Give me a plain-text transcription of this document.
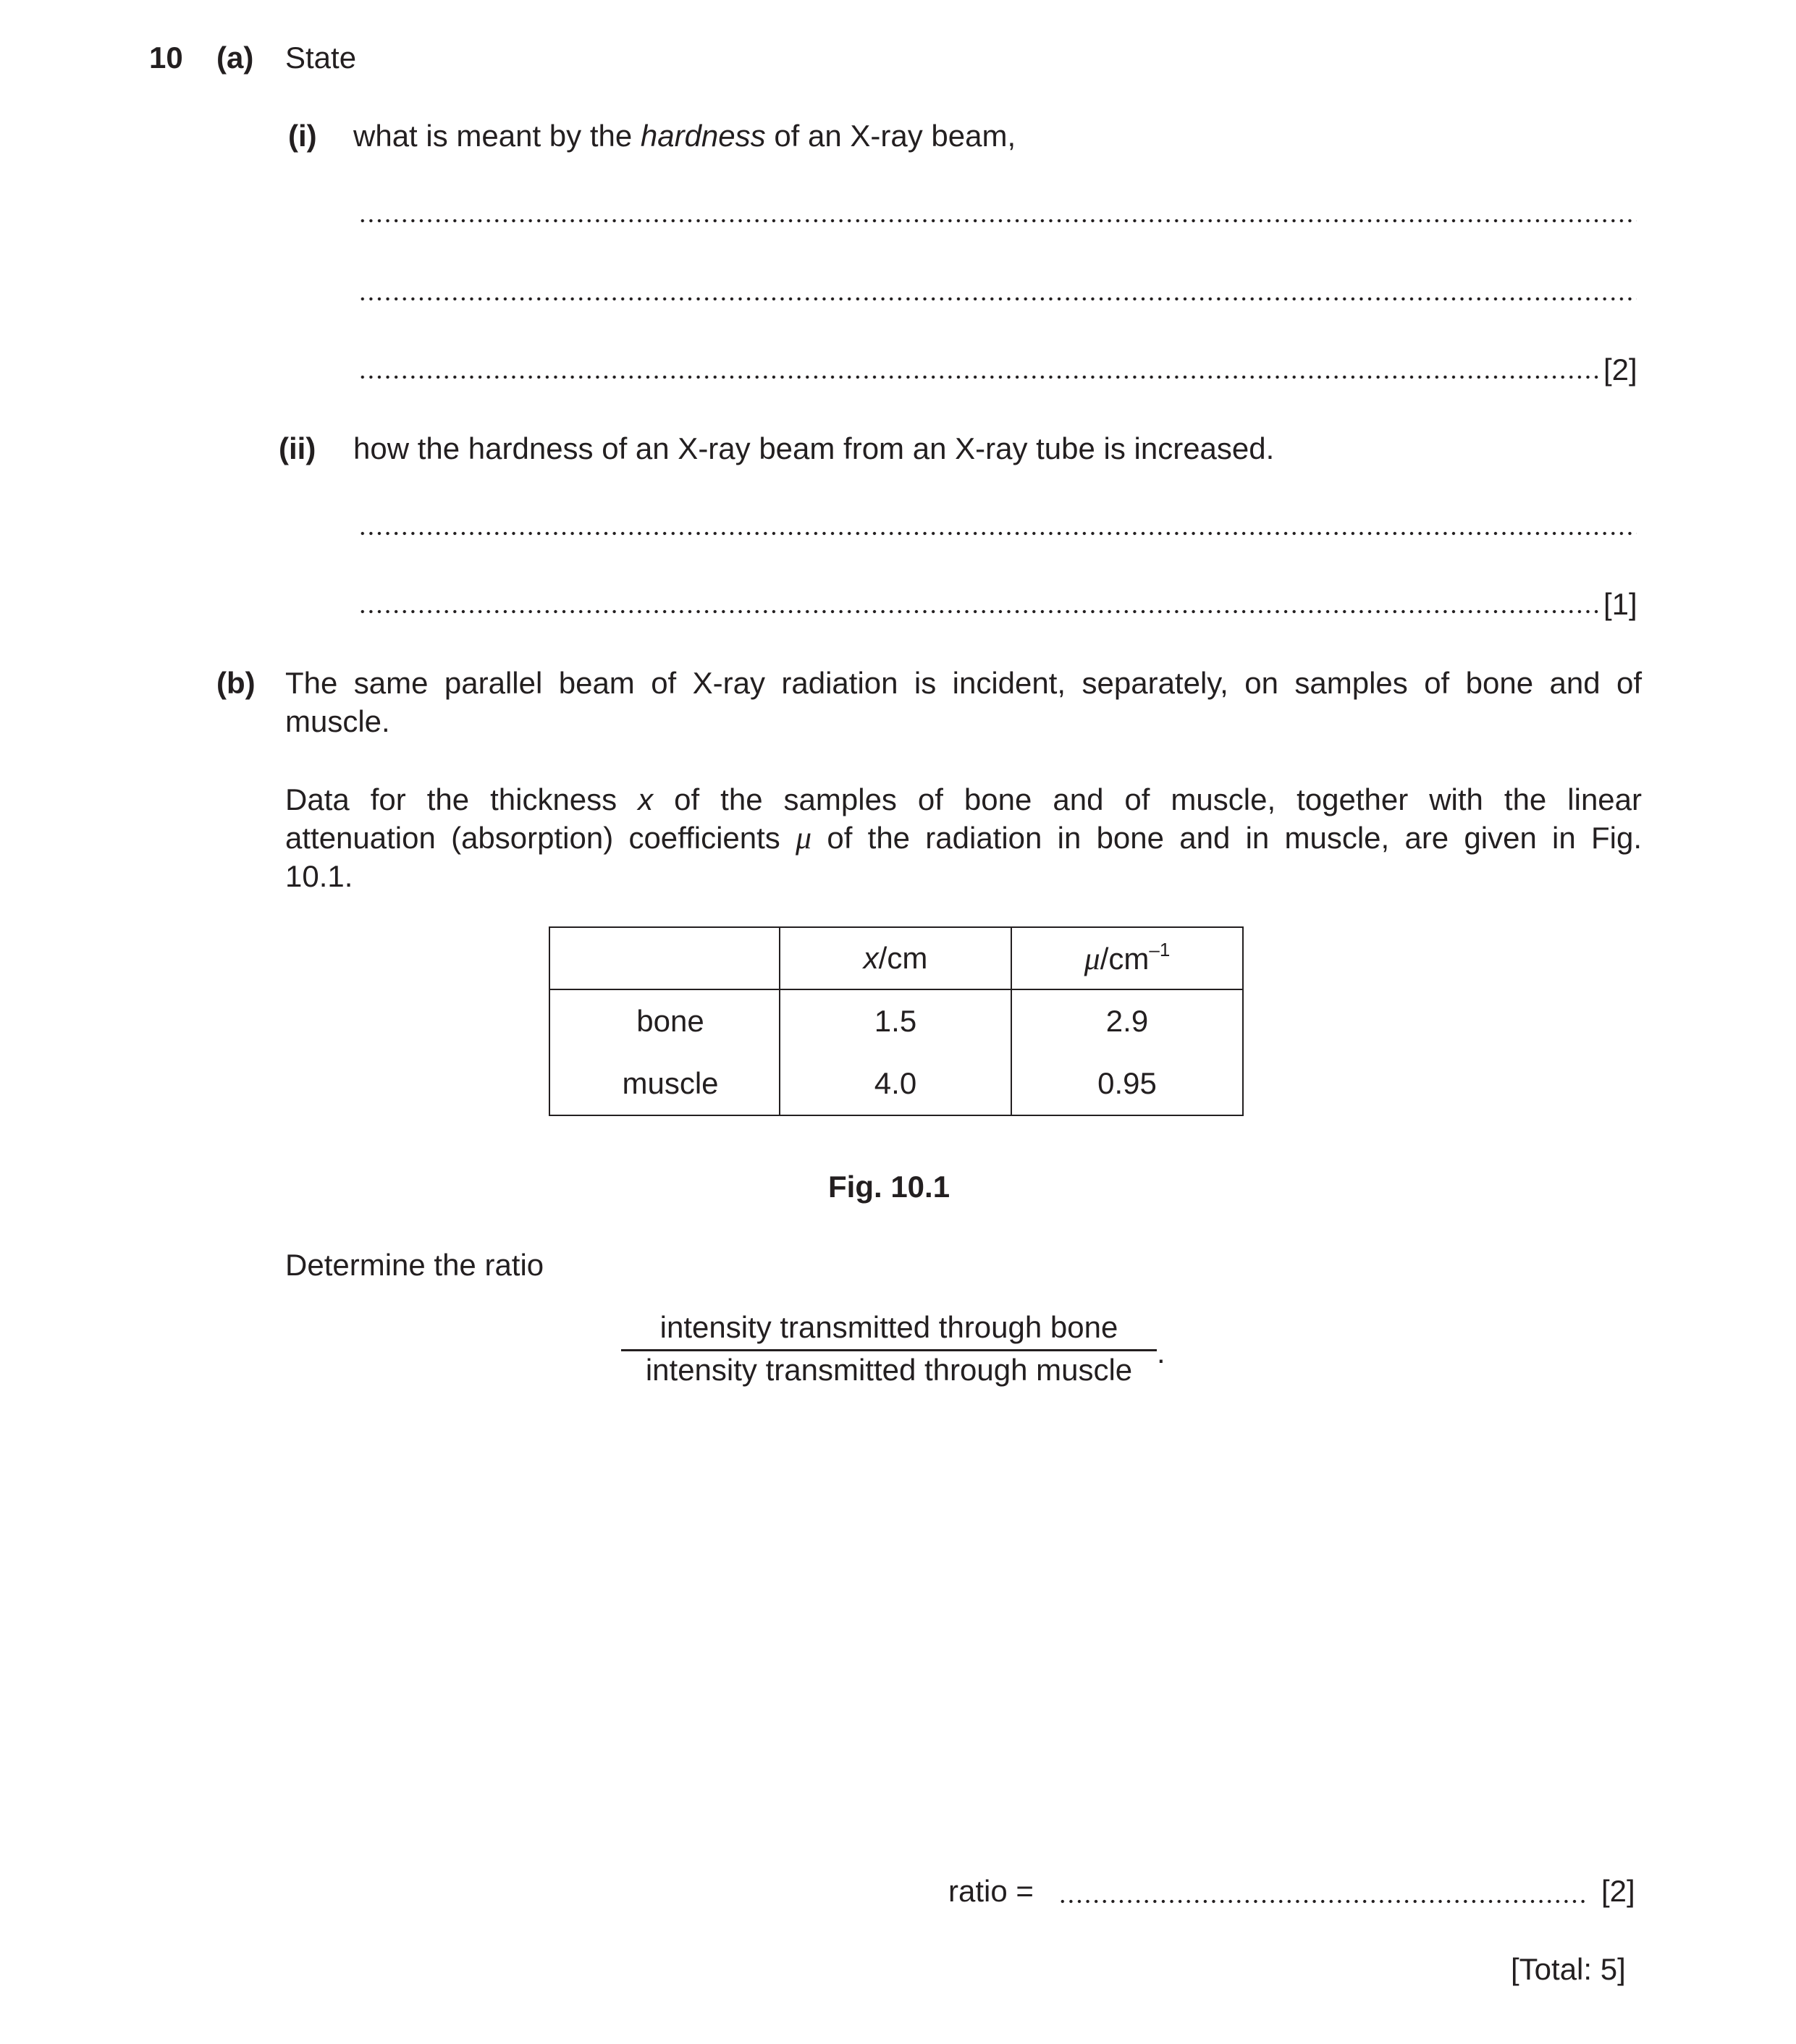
10 (a) State
(i) what is meant by the hardness of an X-ray beam,
[2]
(ii) how the hardness of an X-ray beam from an X-ray tube is increased.
[1]
(b) The same parallel beam of X-ray radiation is incident, separately, on samples of bone and of
muscle.
Data for the thickness x of the samples of bone and of muscle, together with the linear
attenuation (absorption) coefficients μ of the radiation in bone and in muscle, are given in Fig.
10.1.
	x/cm	$\mu/cm^{-1}$
bone	1.5	2.9
muscle	4.0	0.95
Fig. 10.1
Determine the ratio
intensity transmitted through bone
intensity transmitted through muscle
.
ratio =	[2]
[Total: 5]
